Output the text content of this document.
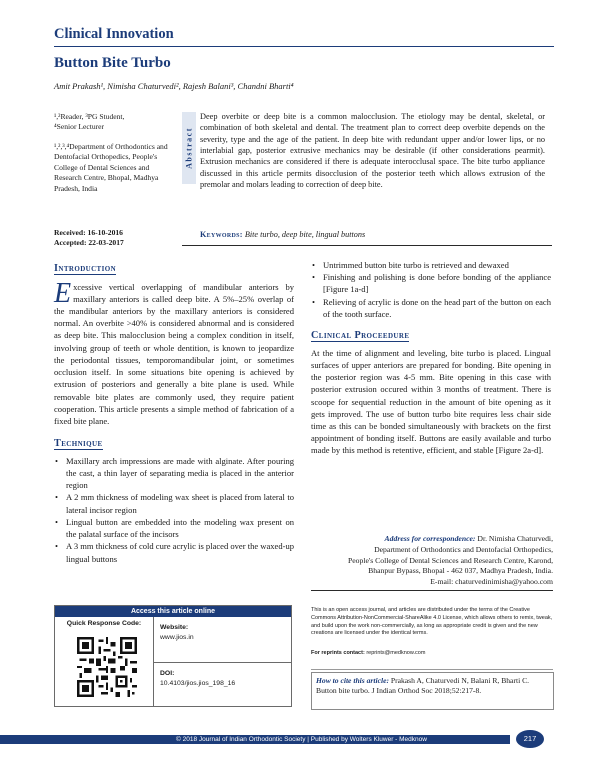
Clinical Innovation
Button Bite Turbo
Amit Prakash¹, Nimisha Chaturvedi², Rajesh Balani³, Chandni Bharti⁴
¹,²Reader, ³PG Student,
⁴Senior Lecturer
¹,²,³,⁴Department of Orthodontics and Dentofacial Orthopedics, People's College of Dental Sciences and Research Centre, Bhopal, Madhya Pradesh, India
Received: 16-10-2016
Accepted: 22-03-2017
Abstract
Deep overbite or deep bite is a common malocclusion. The etiology may be dental, skeletal, or combination of both skeletal and dental. The treatment plan to correct deep overbite depends on the severity, type and the age of the patient. In deep bite with redundant upper and/or lower lips, or no interlabial gap, posterior extrusive mechanics may be desirable (if other considerations pearmit). Extrusion mechanics are considered if there is adequate interocclusal space. The bite turbo appliance discussed in this article permits disocclusion of the posterior teeth which allows extrusion of the premolar and molars leading to correction of deep bite.
Keywords: Bite turbo, deep bite, lingual buttons
Introduction

Excessive vertical overlapping of mandibular anteriors by maxillary anteriors is called deep bite. A 5%–25% overlap of the mandibular anteriors by the maxillary anteriors is considered normal. An overbite >40% is considered abnormal and is considered as deep bite. This malocclusion being a complex condition in itself, involving group of teeth or whole dentition, is known to jeopardize the periodontal tissues, temporomandibular joint, or sometimes occlusion itself. In some situations bite opening is achieved by extrusion of posteriors and generally a bite plane is used. While removable bite plates are commonly used, they require patient cooperation. This article presents a simple method of fabrication of a fixed bite plane.

Technique
• Maxillary arch impressions are made with alginate. After pouring the cast, a thin layer of separating media is placed in the anterior region
• A 2 mm thickness of modeling wax sheet is placed from lateral to lateral incisor region
• Lingual button are embedded into the modeling wax present on the palatal surface of the incisors
• A 3 mm thickness of cold cure acrylic is placed over the waxed-up lingual buttons
• Untrimmed button bite turbo is retrieved and dewaxed
• Finishing and polishing is done before bonding of the appliance [Figure 1a-d]
• Relieving of acrylic is done on the head part of the button on each of the tooth surface.
Clinical Proceedure

At the time of alignment and leveling, bite turbo is placed. Lingual surfaces of upper anteriors are prepared for bonding. Bite opening in the posterior region was 4-5 mm. Bite opening in this case with posterior extrusion occured within 3 months of treatment. There is scoope for sequential reduction in the amount of bite opening as it gets improved. The use of button turbo bite requires less chair side time as this can be bonded simultaneously with brackets on the first appointment of bonding itself. Buttons are easily available and turbo made by this method is retentive, efficient, and stable [Figure 2a-d].

Address for correspondence: Dr. Nimisha Chaturvedi,
Department of Orthodontics and Dentofacial Orthopedics,
People's College of Dental Sciences and Research Centre, Karond,
Bhanpur Bypass, Bhopal - 462 037, Madhya Pradesh, India.
E-mail: chaturvedinimisha@yahoo.com
Access this article online
Quick Response Code:
Website:
www.jios.in
DOI:
10.4103/jios.jios_198_16
This is an open access journal, and articles are distributed under the terms of the Creative Commons Attribution-NonCommercial-ShareAlike 4.0 License, which allows others to remix, tweak, and build upon the work non-commercially, as long as appropriate credit is given and the new creations are licensed under the identical terms.
For reprints contact: reprints@medknow.com
How to cite this article: Prakash A, Chaturvedi N, Balani R, Bharti C. Button bite turbo. J Indian Orthod Soc 2018;52:217-8.
© 2018 Journal of Indian Orthodontic Society | Published by Wolters Kluwer - Medknow	217
